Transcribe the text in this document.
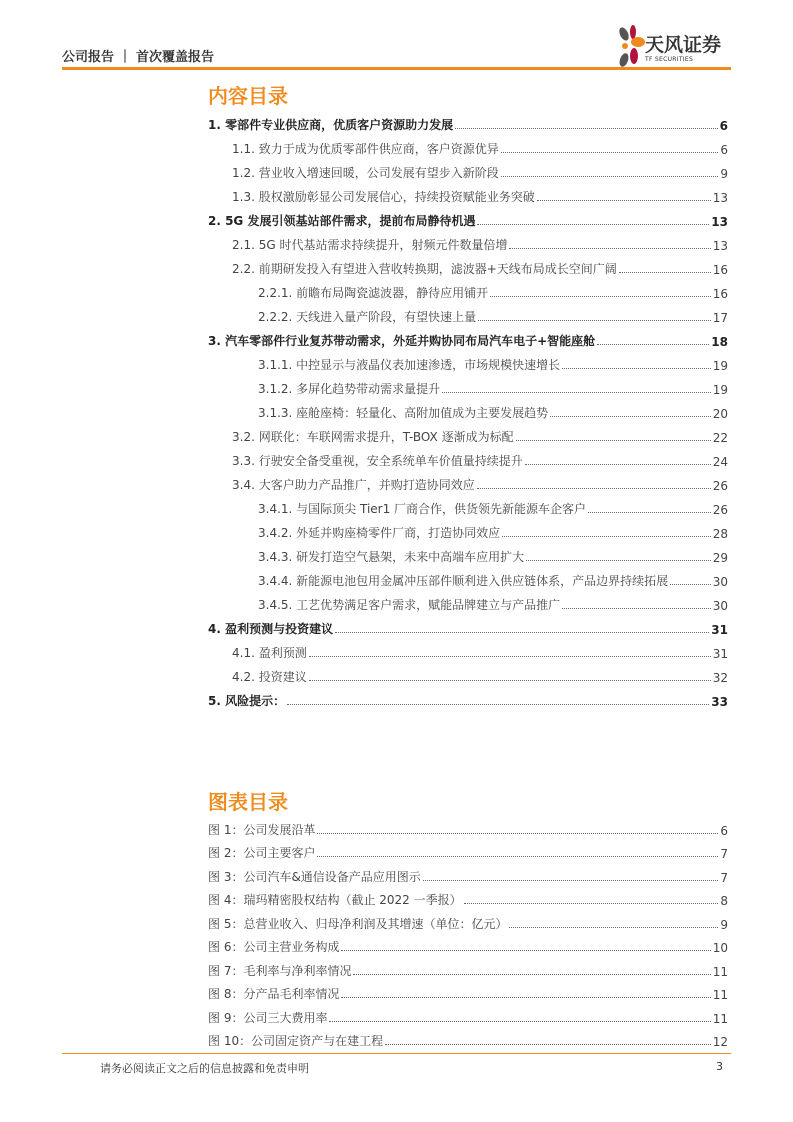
公司报告 ｜ 首次覆盖报告
天风证券
TF SECURITIES
内容目录
1. 零部件专业供应商，优质客户资源助力发展	6
1.1. 致力于成为优质零部件供应商，客户资源优异	6
1.2. 营业收入增速回暖，公司发展有望步入新阶段	9
1.3. 股权激励彰显公司发展信心，持续投资赋能业务突破	13
2. 5G 发展引领基站部件需求，提前布局静待机遇	13
2.1. 5G 时代基站需求持续提升，射频元件数量倍增	13
2.2. 前期研发投入有望进入营收转换期，滤波器+天线布局成长空间广阔	16
2.2.1. 前瞻布局陶瓷滤波器，静待应用铺开	16
2.2.2. 天线进入量产阶段，有望快速上量	17
3. 汽车零部件行业复苏带动需求，外延并购协同布局汽车电子+智能座舱	18
3.1.1. 中控显示与液晶仪表加速渗透，市场规模快速增长	19
3.1.2. 多屏化趋势带动需求量提升	19
3.1.3. 座舱座椅：轻量化、高附加值成为主要发展趋势	20
3.2. 网联化：车联网需求提升，T-BOX 逐渐成为标配	22
3.3. 行驶安全备受重视，安全系统单车价值量持续提升	24
3.4. 大客户助力产品推广，并购打造协同效应	26
3.4.1. 与国际顶尖 Tier1 厂商合作，供货领先新能源车企客户	26
3.4.2. 外延并购座椅零件厂商，打造协同效应	28
3.4.3. 研发打造空气悬架，未来中高端车应用扩大	29
3.4.4. 新能源电池包用金属冲压部件顺利进入供应链体系，产品边界持续拓展	30
3.4.5. 工艺优势满足客户需求，赋能品牌建立与产品推广	30
4. 盈利预测与投资建议	31
4.1. 盈利预测	31
4.2. 投资建议	32
5. 风险提示：	33
图表目录
图 1：公司发展沿革	6
图 2：公司主要客户	7
图 3：公司汽车&通信设备产品应用图示	7
图 4：瑞玛精密股权结构（截止 2022 一季报）	8
图 5：总营业收入、归母净利润及其增速（单位：亿元）	9
图 6：公司主营业务构成	10
图 7：毛利率与净利率情况	11
图 8：分产品毛利率情况	11
图 9：公司三大费用率	11
图 10：公司固定资产与在建工程	12
请务必阅读正文之后的信息披露和免责申明	3
